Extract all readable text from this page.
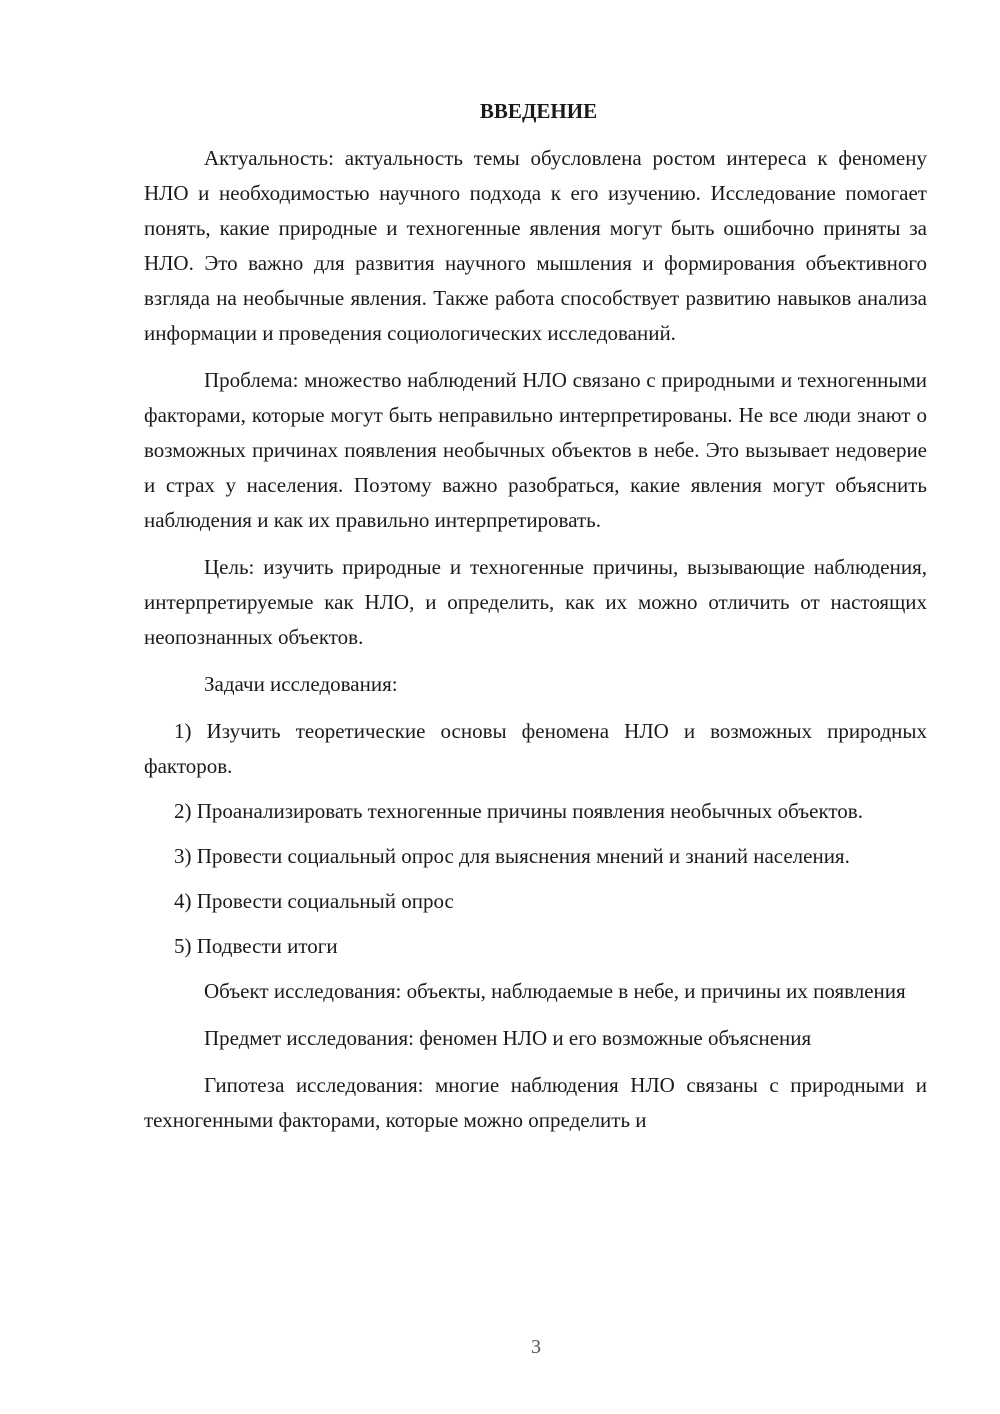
ВВЕДЕНИЕ

Актуальность: актуальность темы обусловлена ростом интереса к феномену НЛО и необходимостью научного подхода к его изучению. Исследование помогает понять, какие природные и техногенные явления могут быть ошибочно приняты за НЛО. Это важно для развития научного мышления и формирования объективного взгляда на необычные явления. Также работа способствует развитию навыков анализа информации и проведения социологических исследований.

Проблема: множество наблюдений НЛО связано с природными и техногенными факторами, которые могут быть неправильно интерпретированы. Не все люди знают о возможных причинах появления необычных объектов в небе. Это вызывает недоверие и страх у населения. Поэтому важно разобраться, какие явления могут объяснить наблюдения и как их правильно интерпретировать.

Цель: изучить природные и техногенные причины, вызывающие наблюдения, интерпретируемые как НЛО, и определить, как их можно отличить от настоящих неопознанных объектов.

Задачи исследования:

1) Изучить теоретические основы феномена НЛО и возможных природных факторов.

2) Проанализировать техногенные причины появления необычных объектов.

3) Провести социальный опрос для выяснения мнений и знаний населения.

4) Провести социальный опрос

5) Подвести итоги

Объект исследования: объекты, наблюдаемые в небе, и причины их появления

Предмет исследования: феномен НЛО и его возможные объяснения

Гипотеза исследования: многие наблюдения НЛО связаны с природными и техногенными факторами, которые можно определить и

3
